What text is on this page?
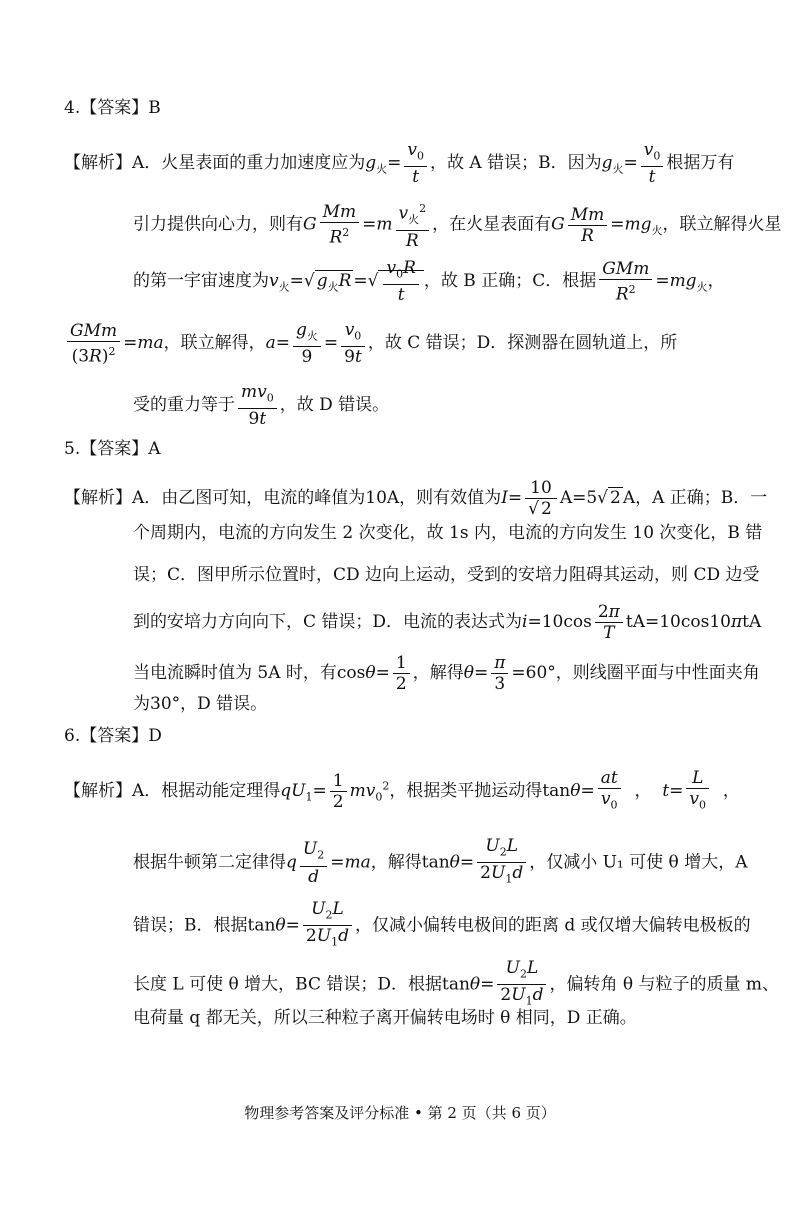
4.【答案】B
【解析】A．火星表面的重力加速度应为$g_火= \frac{v_0}{t}$ ，故 A 错误；B．因为$g_火= \frac{v_0}{t}$ 根据万有
引力提供向心力，则有G $\frac{Mm}{R^2} =m \frac{v_火^2}{R}$ ，在火星表面有G $\frac{Mm}{R} =mg_火$，联立解得火星
的第一宇宙速度为$v_火=√$ $g_火R$ =√ $\frac{v_0R}{t}$ ，故 B 正确；C．根据 $\frac{\text{GMm}}{R^2} =mg_火$，
$\frac{\text{GMm}}{(3R)^2} =ma$，联立解得，$a= \frac{g_火}{9} = \frac{v_0}{9t}$ ，故 C 错误；D．探测器在圆轨道上，所
受的重力等于 $\frac{mv_0}{9t}$ ，故 D 错误。
5.【答案】A
【解析】A．由乙图可知，电流的峰值为10A，则有效值为$I= \frac{10}{√ 2} A=5√$ 2 A，A 正确；B．一
个周期内，电流的方向发生 2 次变化，故 1s 内，电流的方向发生 10 次变化，B 错
误；C．图甲所示位置时，CD 边向上运动，受到的安培力阻碍其运动，则 CD 边受
到的安培力方向向下，C 错误；D．电流的表达式为$i=10\cos \frac{2\pi}{T} tA=10\cos 10\pi tA$
当电流瞬时值为 5A 时，有$\cos\theta= \frac{1}{2}$ ，解得$\theta= \frac{\pi}{3} =60^\circ$，则线圈平面与中性面夹角
为30°，D 错误。
6.【答案】D
【解析】A．根据动能定理得$qU_1= \frac{1}{2} mv_0^2$，根据类平抛运动得$\tan\theta= \frac{at}{v_0}$ ，  $t= \frac{L}{v_0}$ ，
根据牛顿第二定律得q $\frac{U_2}{d} =ma$，解得$\tan\theta= \frac{U_2L}{2U_1d}$ ，仅减小 U₁ 可使 θ 增大，A
错误；B．根据$\tan\theta= \frac{U_2L}{2U_1d}$ ，仅减小偏转电极间的距离 d 或仅增大偏转电极板的
长度 L 可使 θ 增大，BC 错误；D．根据$\tan\theta= \frac{U_2L}{2U_1d}$ ，偏转角 θ 与粒子的质量 m、
电荷量 q 都无关，所以三种粒子离开偏转电场时 θ 相同，D 正确。
物理参考答案及评分标准 • 第 2 页（共 6 页）
